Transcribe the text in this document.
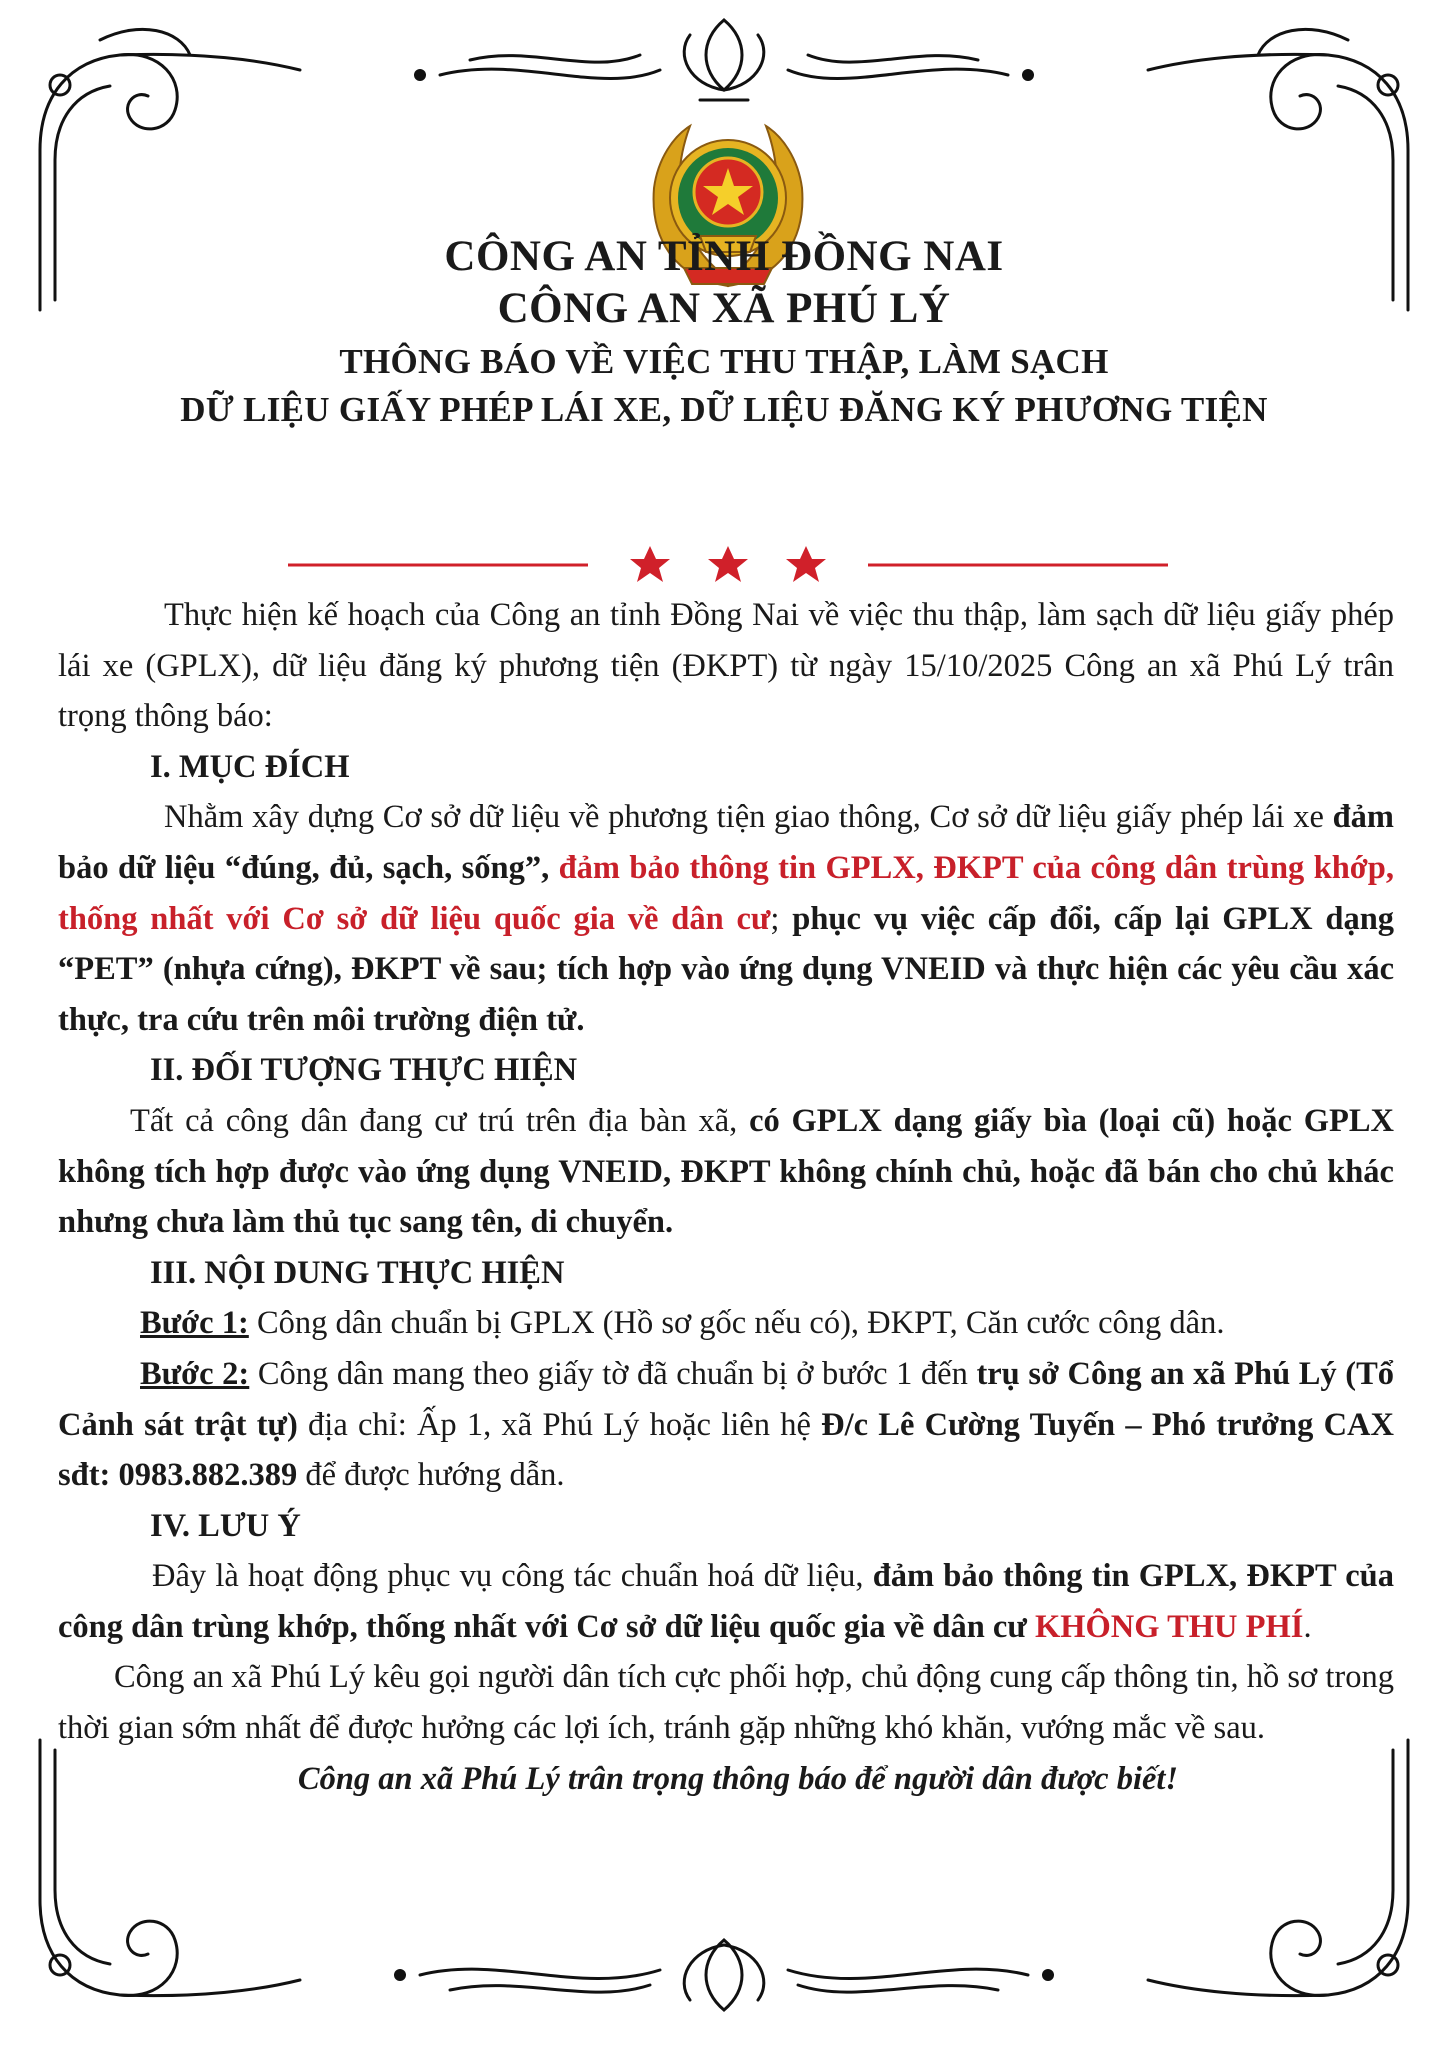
CÔNG AN TỈNH ĐỒNG NAI
CÔNG AN XÃ PHÚ LÝ
THÔNG BÁO VỀ VIỆC THU THẬP, LÀM SẠCH
DỮ LIỆU GIẤY PHÉP LÁI XE, DỮ LIỆU ĐĂNG KÝ PHƯƠNG TIỆN

Thực hiện kế hoạch của Công an tỉnh Đồng Nai về việc thu thập, làm sạch dữ liệu giấy phép lái xe (GPLX), dữ liệu đăng ký phương tiện (ĐKPT) từ ngày 15/10/2025 Công an xã Phú Lý trân trọng thông báo:

I. MỤC ĐÍCH

Nhằm xây dựng Cơ sở dữ liệu về phương tiện giao thông, Cơ sở dữ liệu giấy phép lái xe đảm bảo dữ liệu “đúng, đủ, sạch, sống”, đảm bảo thông tin GPLX, ĐKPT của công dân trùng khớp, thống nhất với Cơ sở dữ liệu quốc gia về dân cư; phục vụ việc cấp đổi, cấp lại GPLX dạng “PET” (nhựa cứng), ĐKPT về sau; tích hợp vào ứng dụng VNEID và thực hiện các yêu cầu xác thực, tra cứu trên môi trường điện tử.

II. ĐỐI TƯỢNG THỰC HIỆN

Tất cả công dân đang cư trú trên địa bàn xã, có GPLX dạng giấy bìa (loại cũ) hoặc GPLX không tích hợp được vào ứng dụng VNEID, ĐKPT không chính chủ, hoặc đã bán cho chủ khác nhưng chưa làm thủ tục sang tên, di chuyển.

III. NỘI DUNG THỰC HIỆN

Bước 1: Công dân chuẩn bị GPLX (Hồ sơ gốc nếu có), ĐKPT, Căn cước công dân.

Bước 2: Công dân mang theo giấy tờ đã chuẩn bị ở bước 1 đến trụ sở Công an xã Phú Lý (Tổ Cảnh sát trật tự) địa chỉ: Ấp 1, xã Phú Lý hoặc liên hệ Đ/c Lê Cường Tuyến – Phó trưởng CAX sđt: 0983.882.389 để được hướng dẫn.

IV. LƯU Ý

Đây là hoạt động phục vụ công tác chuẩn hoá dữ liệu, đảm bảo thông tin GPLX, ĐKPT của công dân trùng khớp, thống nhất với Cơ sở dữ liệu quốc gia về dân cư KHÔNG THU PHÍ.

Công an xã Phú Lý kêu gọi người dân tích cực phối hợp, chủ động cung cấp thông tin, hồ sơ trong thời gian sớm nhất để được hưởng các lợi ích, tránh gặp những khó khăn, vướng mắc về sau.

Công an xã Phú Lý trân trọng thông báo để người dân được biết!
